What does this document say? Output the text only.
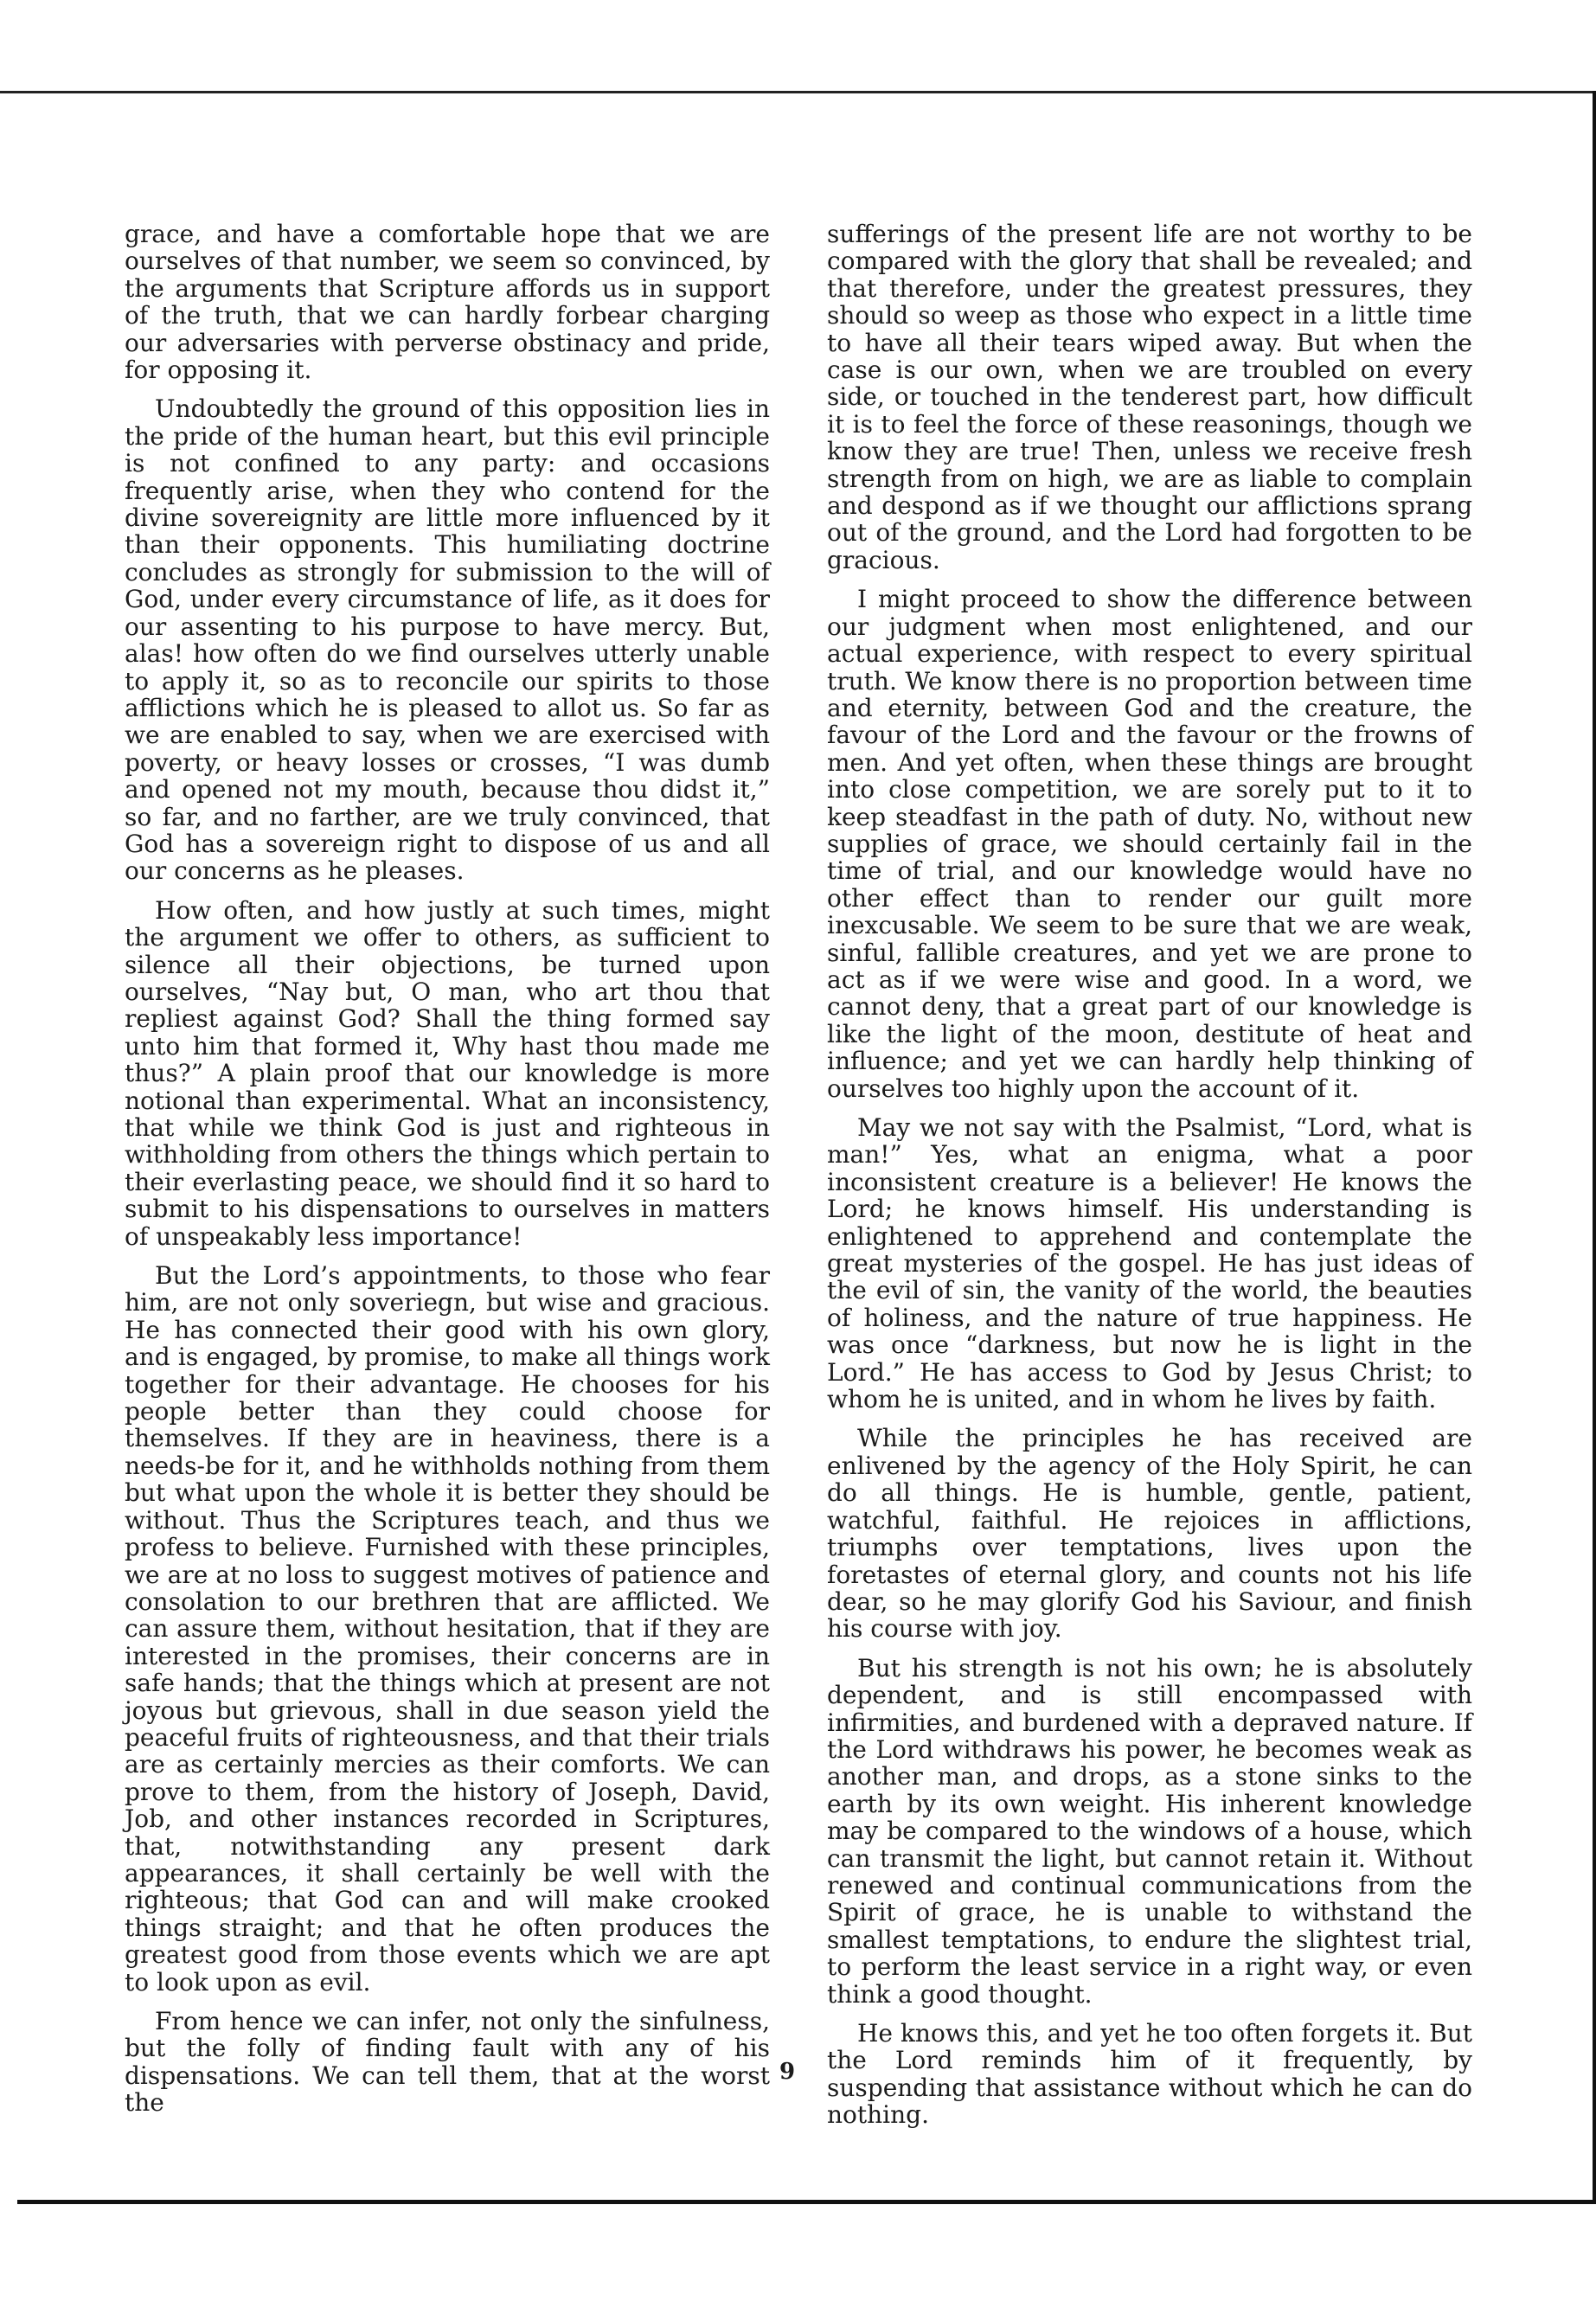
grace, and have a comfortable hope that we are ourselves of that number, we seem so convinced, by the arguments that Scripture affords us in support of the truth, that we can hardly forbear charging our adversaries with perverse obstinacy and pride, for opposing it.

Undoubtedly the ground of this opposition lies in the pride of the human heart, but this evil principle is not confined to any party: and occasions frequently arise, when they who contend for the divine sovereignity are little more influenced by it than their opponents. This humiliating doctrine concludes as strongly for submission to the will of God, under every circumstance of life, as it does for our assenting to his purpose to have mercy. But, alas! how often do we find ourselves utterly unable to apply it, so as to reconcile our spirits to those afflictions which he is pleased to allot us. So far as we are enabled to say, when we are exercised with poverty, or heavy losses or crosses, “I was dumb and opened not my mouth, because thou didst it,” so far, and no farther, are we truly convinced, that God has a sovereign right to dispose of us and all our concerns as he pleases.

How often, and how justly at such times, might the argument we offer to others, as sufficient to silence all their objections, be turned upon ourselves, “Nay but, O man, who art thou that repliest against God? Shall the thing formed say unto him that formed it, Why hast thou made me thus?” A plain proof that our knowledge is more notional than experimental. What an inconsistency, that while we think God is just and righteous in withholding from others the things which pertain to their everlasting peace, we should find it so hard to submit to his dispensations to ourselves in matters of unspeakably less importance!

But the Lord’s appointments, to those who fear him, are not only soveriegn, but wise and gracious. He has connected their good with his own glory, and is engaged, by promise, to make all things work together for their advantage. He chooses for his people better than they could choose for themselves. If they are in heaviness, there is a needs-be for it, and he withholds nothing from them but what upon the whole it is better they should be without. Thus the Scriptures teach, and thus we profess to believe. Furnished with these principles, we are at no loss to suggest motives of patience and consolation to our brethren that are afflicted. We can assure them, without hesitation, that if they are interested in the promises, their concerns are in safe hands; that the things which at present are not joyous but grievous, shall in due season yield the peaceful fruits of righteousness, and that their trials are as certainly mercies as their comforts. We can prove to them, from the history of Joseph, David, Job, and other instances recorded in Scriptures, that, notwithstanding any present dark appearances, it shall certainly be well with the righteous; that God can and will make crooked things straight; and that he often produces the greatest good from those events which we are apt to look upon as evil.

From hence we can infer, not only the sinfulness, but the folly of finding fault with any of his dispensations. We can tell them, that at the worst the

sufferings of the present life are not worthy to be compared with the glory that shall be revealed; and that therefore, under the greatest pressures, they should so weep as those who expect in a little time to have all their tears wiped away. But when the case is our own, when we are troubled on every side, or touched in the tenderest part, how difficult it is to feel the force of these reasonings, though we know they are true! Then, unless we receive fresh strength from on high, we are as liable to complain and despond as if we thought our afflictions sprang out of the ground, and the Lord had forgotten to be gracious.

I might proceed to show the difference between our judgment when most enlightened, and our actual experience, with respect to every spiritual truth. We know there is no proportion between time and eternity, between God and the creature, the favour of the Lord and the favour or the frowns of men. And yet often, when these things are brought into close competition, we are sorely put to it to keep steadfast in the path of duty. No, without new supplies of grace, we should certainly fail in the time of trial, and our knowledge would have no other effect than to render our guilt more inexcusable. We seem to be sure that we are weak, sinful, fallible creatures, and yet we are prone to act as if we were wise and good. In a word, we cannot deny, that a great part of our knowledge is like the light of the moon, destitute of heat and influence; and yet we can hardly help thinking of ourselves too highly upon the account of it.

May we not say with the Psalmist, “Lord, what is man!” Yes, what an enigma, what a poor inconsistent creature is a believer! He knows the Lord; he knows himself. His understanding is enlightened to apprehend and contemplate the great mysteries of the gospel. He has just ideas of the evil of sin, the vanity of the world, the beauties of holiness, and the nature of true happiness. He was once “darkness, but now he is light in the Lord.” He has access to God by Jesus Christ; to whom he is united, and in whom he lives by faith.

While the principles he has received are enlivened by the agency of the Holy Spirit, he can do all things. He is humble, gentle, patient, watchful, faithful. He rejoices in afflictions, triumphs over temptations, lives upon the foretastes of eternal glory, and counts not his life dear, so he may glorify God his Saviour, and finish his course with joy.

But his strength is not his own; he is absolutely dependent, and is still encompassed with infirmities, and burdened with a depraved nature. If the Lord withdraws his power, he becomes weak as another man, and drops, as a stone sinks to the earth by its own weight. His inherent knowledge may be compared to the windows of a house, which can transmit the light, but cannot retain it. Without renewed and continual communications from the Spirit of grace, he is unable to withstand the smallest temptations, to endure the slightest trial, to perform the least service in a right way, or even think a good thought.

He knows this, and yet he too often forgets it. But the Lord reminds him of it frequently, by suspending that assistance without which he can do nothing.

9
